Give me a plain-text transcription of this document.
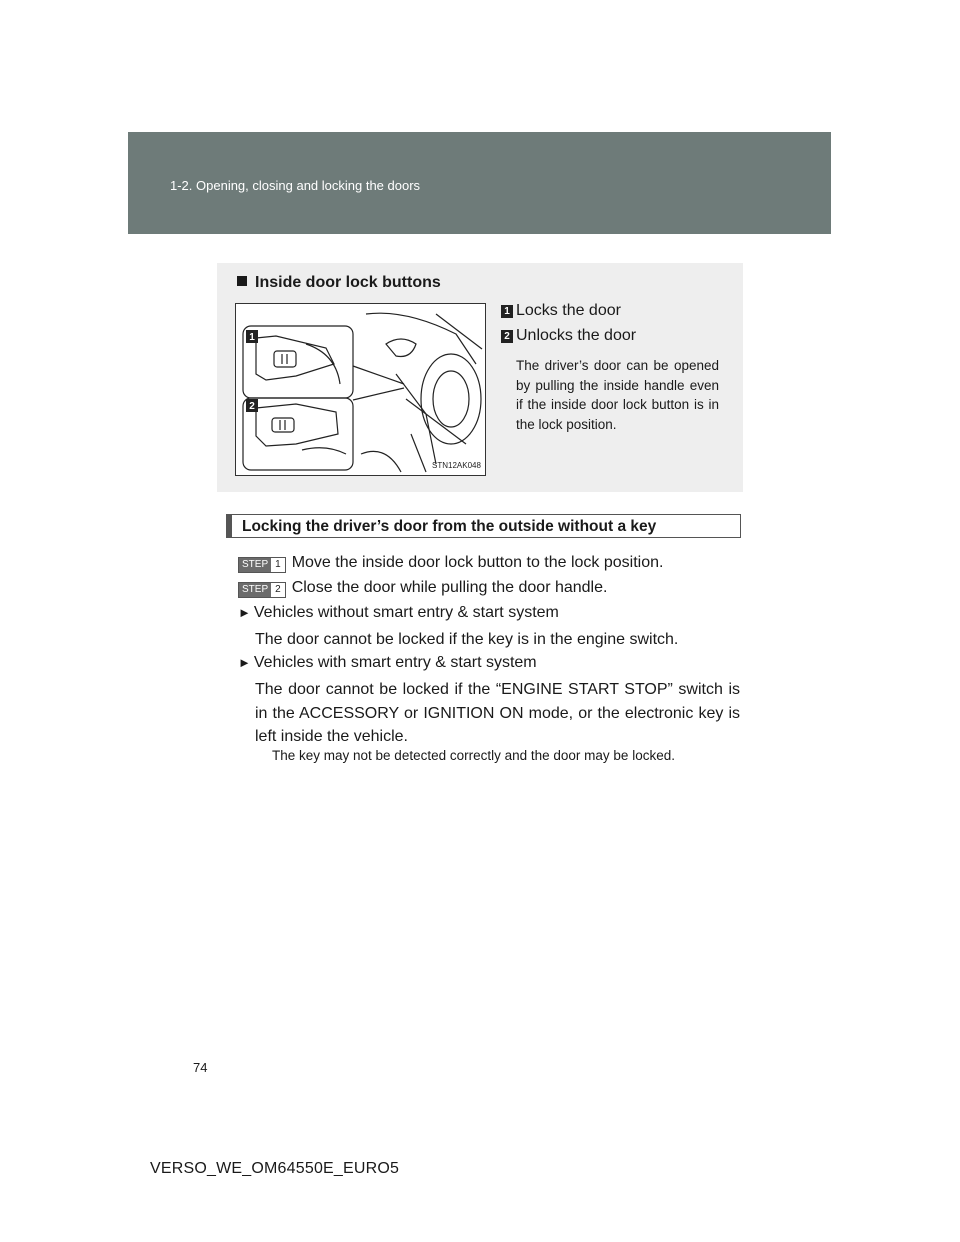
1-2. Opening, closing and locking the doors
Inside door lock buttons
1
2
STN12AK048
1 Locks the door
2 Unlocks the door
The driver’s door can be opened by pulling the inside handle even if the inside door lock button is in the lock position.
Locking the driver’s door from the outside without a key
STEP 1 Move the inside door lock button to the lock position.
STEP 2 Close the door while pulling the door handle.
► Vehicles without smart entry & start system
The door cannot be locked if the key is in the engine switch.
► Vehicles with smart entry & start system
The door cannot be locked if the “ENGINE START STOP” switch is in the ACCESSORY or IGNITION ON mode, or the electronic key is left inside the vehicle.
The key may not be detected correctly and the door may be locked.
74
VERSO_WE_OM64550E_EURO5
